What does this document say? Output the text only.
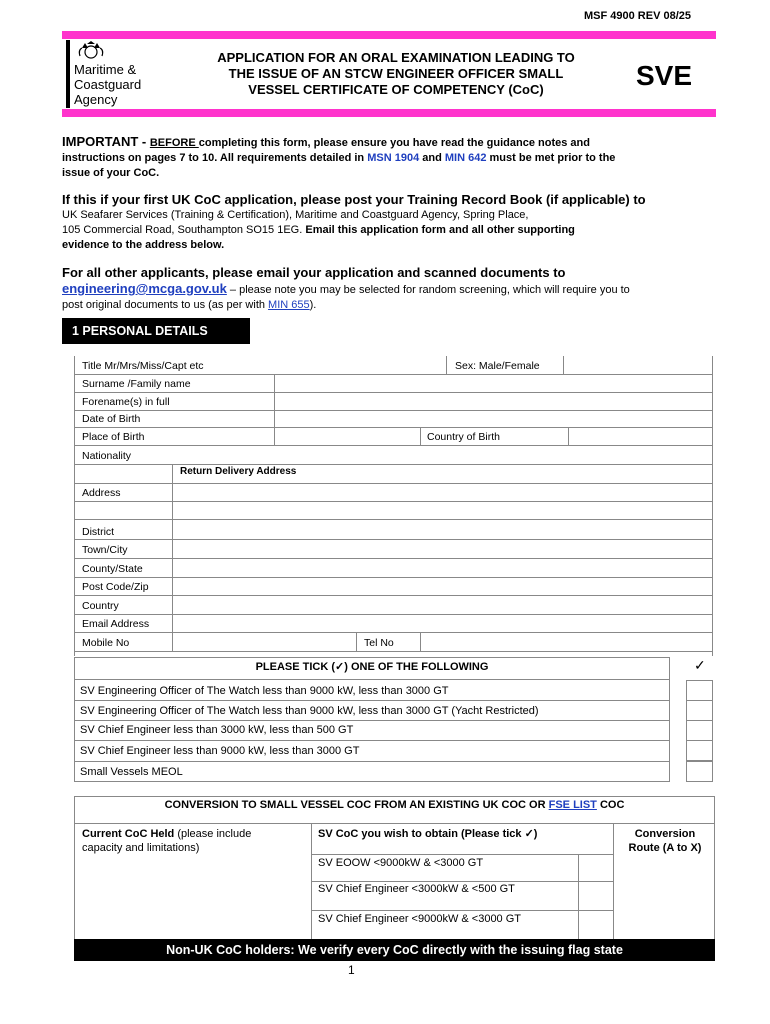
MSF 4900 REV 08/25
Maritime &
Coastguard
Agency
APPLICATION FOR AN ORAL EXAMINATION LEADING TO
THE ISSUE OF AN STCW ENGINEER OFFICER SMALL
VESSEL CERTIFICATE OF COMPETENCY (CoC)	SVE
IMPORTANT - BEFORE completing this form, please ensure you have read the guidance notes and
instructions on pages 7 to 10. All requirements detailed in MSN 1904 and MIN 642 must be met prior to the
issue of your CoC.
If this if your first UK CoC application, please post your Training Record Book (if applicable) to
UK Seafarer Services (Training & Certification), Maritime and Coastguard Agency, Spring Place,
105 Commercial Road, Southampton SO15 1EG. Email this application form and all other supporting
evidence to the address below.
For all other applicants, please email your application and scanned documents to
engineering@mcga.gov.uk – please note you may be selected for random screening, which will require you to
post original documents to us (as per with MIN 655).
1 PERSONAL DETAILS
Title Mr/Mrs/Miss/Capt etc	Sex: Male/Female
Surname /Family name
Forename(s) in full
Date of Birth
Place of Birth	Country of Birth
Nationality
Return Delivery Address
Address
District
Town/City
County/State
Post Code/Zip
Country
Email Address
Mobile No	Tel No
PLEASE TICK (✓) ONE OF THE FOLLOWING	✓
SV Engineering Officer of The Watch less than 9000 kW, less than 3000 GT
SV Engineering Officer of The Watch less than 9000 kW, less than 3000 GT (Yacht Restricted)
SV Chief Engineer less than 3000 kW, less than 500 GT
SV Chief Engineer less than 9000 kW, less than 3000 GT
Small Vessels MEOL
CONVERSION TO SMALL VESSEL COC FROM AN EXISTING UK COC OR FSE LIST COC
Current CoC Held (please include
capacity and limitations)
SV CoC you wish to obtain (Please tick ✓)	Conversion
Route (A to X)
SV EOOW <9000kW & <3000 GT
SV Chief Engineer <3000kW & <500 GT
SV Chief Engineer <9000kW & <3000 GT
Non-UK CoC holders: We verify every CoC directly with the issuing flag state
1
